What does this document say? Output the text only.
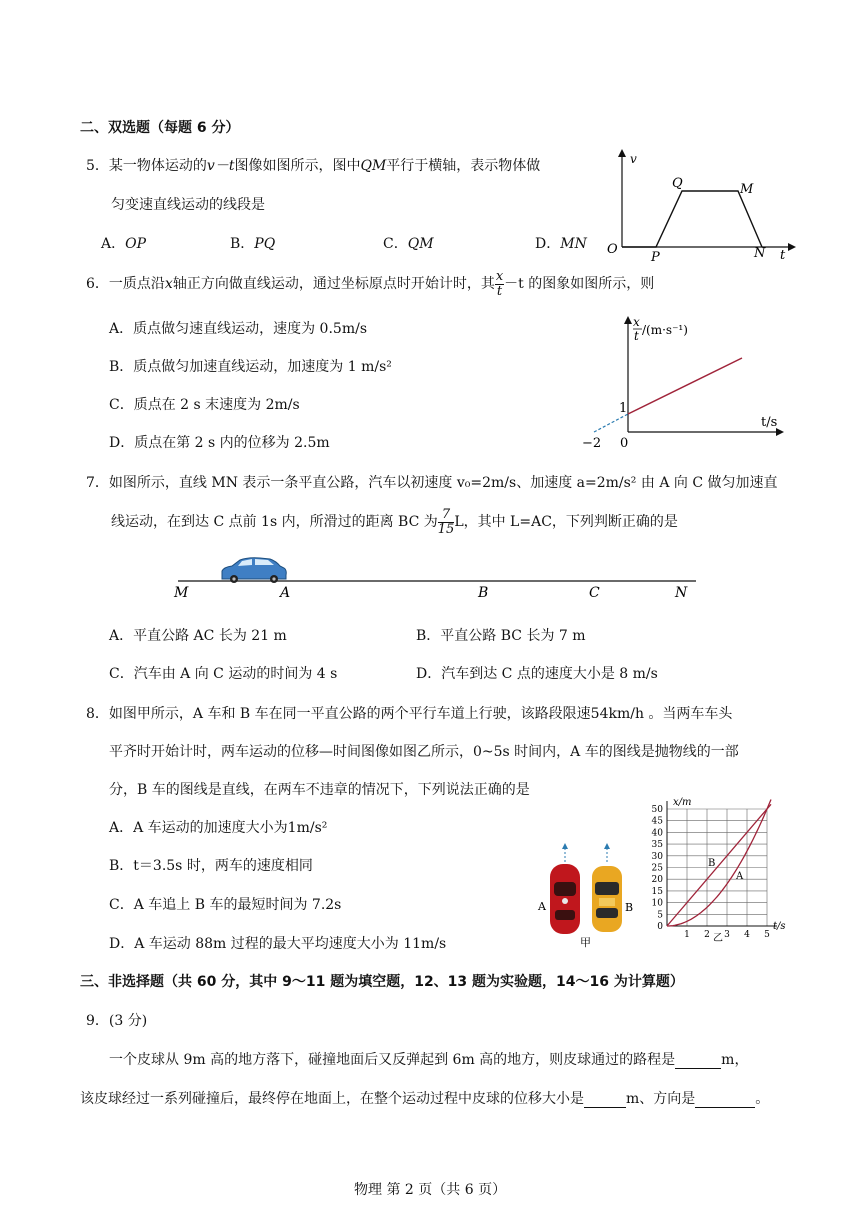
二、双选题（每题 6 分）
5．某一物体运动的v－t图像如图所示，图中QM平行于横轴，表示物体做
匀变速直线运动的线段是
A．OP	B．PQ	C．QM	D．MN
v
t
O
P
Q	M
N
6．一质点沿x轴正方向做直线运动，通过坐标原点时开始计时，其 $\frac{x}{t} -t$ 的图象如图所示，则
A．质点做匀速直线运动，速度为 0.5m/s
B．质点做匀加速直线运动，加速度为 1 m/s²
C．质点在 2 s 末速度为 2m/s
D．质点在第 2 s 内的位移为 2.5m
x
t /(m·s⁻¹)
t/s
1
−2 0
7．如图所示，直线 MN 表示一条平直公路，汽车以初速度 v₀=2m/s、加速度 a=2m/s² 由 A 向 C 做匀加速直
线运动，在到达 C 点前 1s 内，所滑过的距离 BC 为 $\frac{7}{15}$ L，其中 L=AC，下列判断正确的是
M	A	B	C	N
A．平直公路 AC 长为 21 m	B．平直公路 BC 长为 7 m
C．汽车由 A 向 C 运动的时间为 4 s	D．汽车到达 C 点的速度大小是 8 m/s
8．如图甲所示，A 车和 B 车在同一平直公路的两个平行车道上行驶，该路段限速54km/h 。当两车车头
平齐时开始计时，两车运动的位移—时间图像如图乙所示，0~5s 时间内，A 车的图线是抛物线的一部
分，B 车的图线是直线，在两车不违章的情况下，下列说法正确的是
A．A 车运动的加速度大小为1m/s²
B．t＝3.5s 时，两车的速度相同
C．A 车追上 B 车的最短时间为 7.2s
D．A 车运动 88m 过程的最大平均速度大小为 11m/s
A	B
甲
0
5
10
15
20
25
30
35
40
45
50
1 2 3 4 5
x/m
t/s
A
B
乙
三、非选择题（共 60 分，其中 9～11 题为填空题，12、13 题为实验题，14～16 为计算题）
9．(3 分)
一个皮球从 9m 高的地方落下，碰撞地面后又反弹起到 6m 高的地方，则皮球通过的路程是	m，
该皮球经过一系列碰撞后，最终停在地面上，在整个运动过程中皮球的位移大小是	m、方向是	。
物理 第 2 页（共 6 页）
